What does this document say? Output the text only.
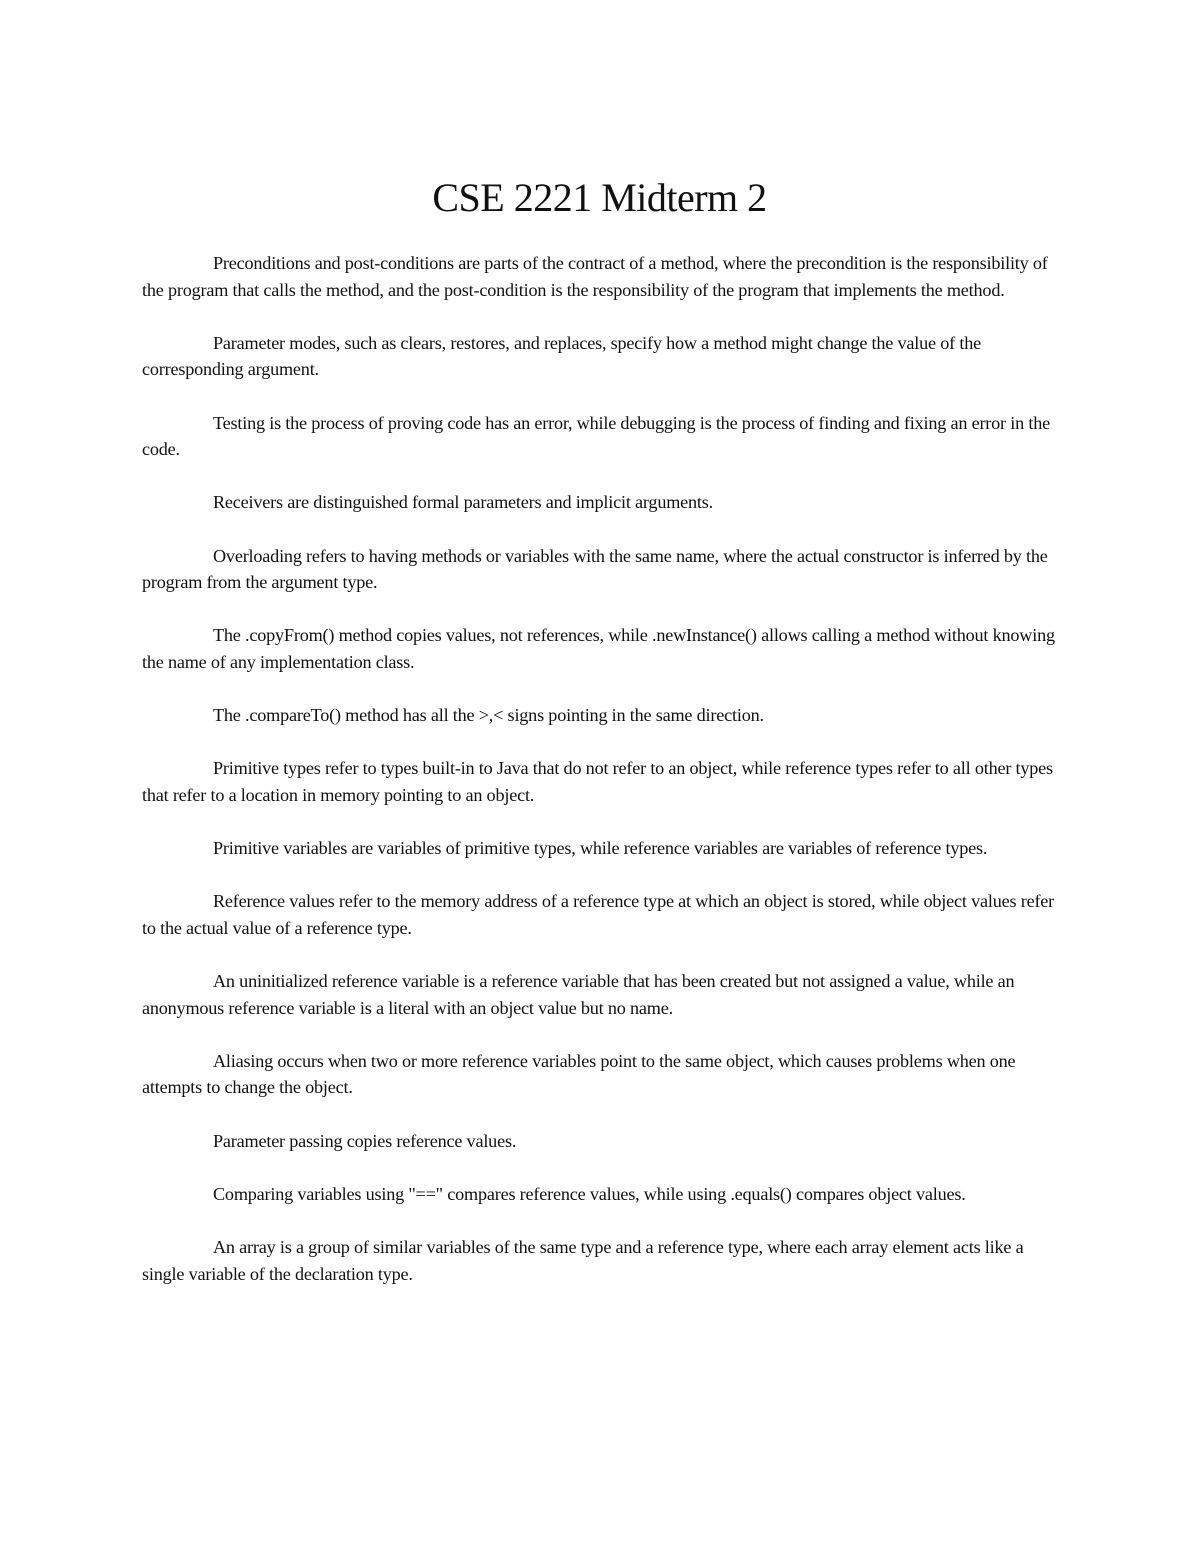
CSE 2221 Midterm 2

Preconditions and post-conditions are parts of the contract of a method, where the precondition is the responsibility of the program that calls the method, and the post-condition is the responsibility of the program that implements the method.

Parameter modes, such as clears, restores, and replaces, specify how a method might change the value of the corresponding argument.

Testing is the process of proving code has an error, while debugging is the process of finding and fixing an error in the code.

Receivers are distinguished formal parameters and implicit arguments.

Overloading refers to having methods or variables with the same name, where the actual constructor is inferred by the program from the argument type.

The .copyFrom() method copies values, not references, while .newInstance() allows calling a method without knowing the name of any implementation class.

The .compareTo() method has all the >,< signs pointing in the same direction.

Primitive types refer to types built-in to Java that do not refer to an object, while reference types refer to all other types that refer to a location in memory pointing to an object.

Primitive variables are variables of primitive types, while reference variables are variables of reference types.

Reference values refer to the memory address of a reference type at which an object is stored, while object values refer to the actual value of a reference type.

An uninitialized reference variable is a reference variable that has been created but not assigned a value, while an anonymous reference variable is a literal with an object value but no name.

Aliasing occurs when two or more reference variables point to the same object, which causes problems when one attempts to change the object.

Parameter passing copies reference values.

Comparing variables using "==" compares reference values, while using .equals() compares object values.

An array is a group of similar variables of the same type and a reference type, where each array element acts like a single variable of the declaration type.
